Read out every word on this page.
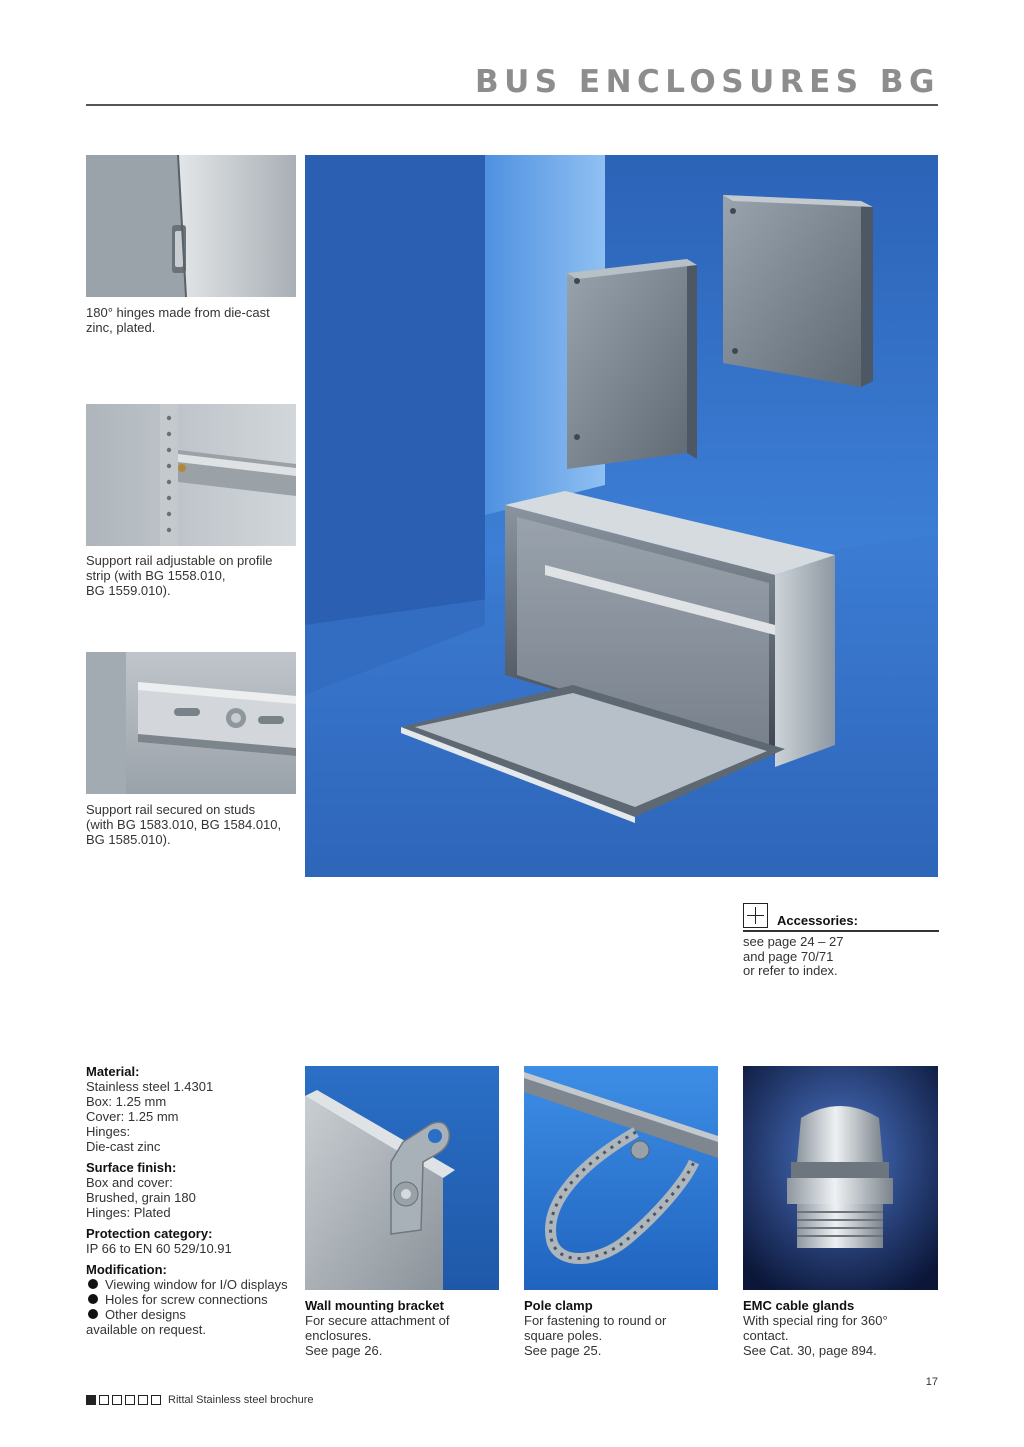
BUS ENCLOSURES BG
180° hinges made from die-cast
zinc, plated.
Support rail adjustable on profile
strip (with BG 1558.010,
BG 1559.010).
Support rail secured on studs
(with BG 1583.010, BG 1584.010,
BG 1585.010).
Accessories:
see page 24 – 27
and page 70/71
or refer to index.
Material:
Stainless steel 1.4301
Box: 1.25 mm
Cover: 1.25 mm
Hinges:
Die-cast zinc
Surface finish:
Box and cover:
Brushed, grain 180
Hinges: Plated
Protection category:
IP 66 to EN 60 529/10.91
Modification:
Viewing window for I/O displays
Holes for screw connections
Other designs
available on request.
Wall mounting bracket
For secure attachment of
enclosures.
See page 26.
Pole clamp
For fastening to round or
square poles.
See page 25.
EMC cable glands
With special ring for 360°
contact.
See Cat. 30, page 894.
17
Rittal Stainless steel brochure
